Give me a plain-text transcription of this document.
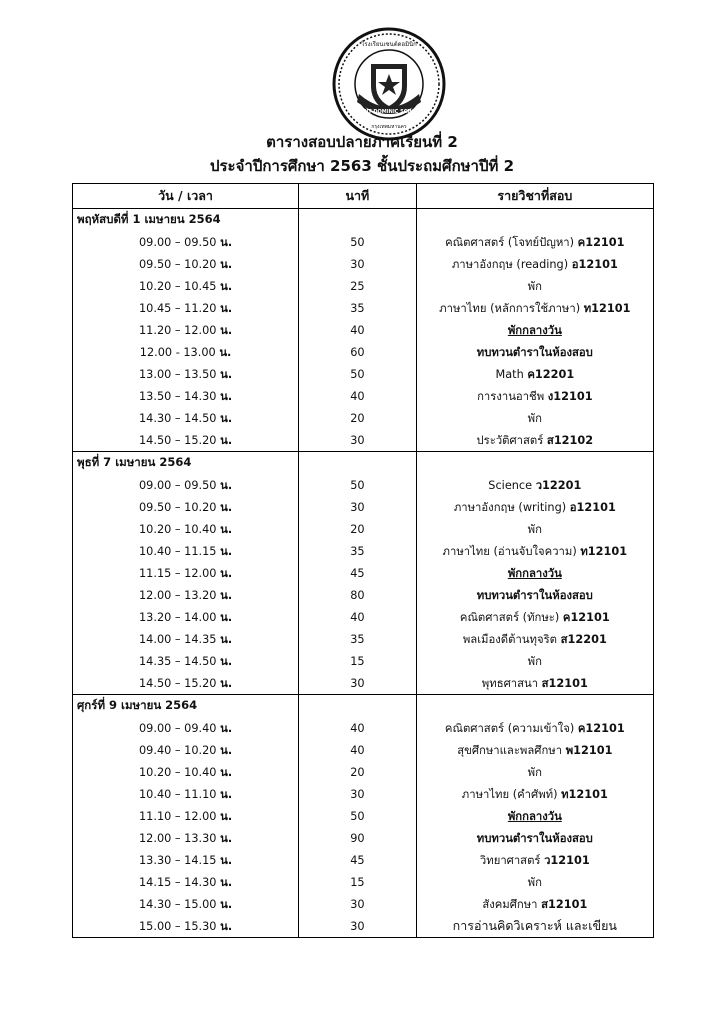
SAINT DOMINIC SCHOOL
โรงเรียนเซนต์ดอมินิก
กรุงเทพมหานคร
ตารางสอบปลายภาคเรียนที่ 2
ประจำปีการศึกษา 2563 ชั้นประถมศึกษาปีที่ 2
วัน / เวลา	นาที	รายวิชาที่สอบ
พฤหัสบดีที่ 1 เมษายน 2564		
09.00 – 09.50 น.	50	คณิตศาสตร์ (โจทย์ปัญหา) ค12101
09.50 – 10.20 น.	30	ภาษาอังกฤษ (reading) อ12101
10.20 – 10.45 น.	25	พัก
10.45 – 11.20 น.	35	ภาษาไทย (หลักการใช้ภาษา) ท12101
11.20 – 12.00 น.	40	พักกลางวัน
12.00 - 13.00 น.	60	ทบทวนตำราในห้องสอบ
13.00 – 13.50 น.	50	Math ค12201
13.50 – 14.30 น.	40	การงานอาชีพ ง12101
14.30 – 14.50 น.	20	พัก
14.50 – 15.20 น.	30	ประวัติศาสตร์ ส12102
พุธที่ 7 เมษายน 2564		
09.00 – 09.50 น.	50	Science ว12201
09.50 – 10.20 น.	30	ภาษาอังกฤษ (writing) อ12101
10.20 – 10.40 น.	20	พัก
10.40 – 11.15 น.	35	ภาษาไทย (อ่านจับใจความ) ท12101
11.15 – 12.00 น.	45	พักกลางวัน
12.00 – 13.20 น.	80	ทบทวนตำราในห้องสอบ
13.20 – 14.00 น.	40	คณิตศาสตร์ (ทักษะ) ค12101
14.00 – 14.35 น.	35	พลเมืองดีต้านทุจริต ส12201
14.35 – 14.50 น.	15	พัก
14.50 – 15.20 น.	30	พุทธศาสนา ส12101
ศุกร์ที่ 9 เมษายน 2564		
09.00 – 09.40 น.	40	คณิตศาสตร์ (ความเข้าใจ) ค12101
09.40 – 10.20 น.	40	สุขศึกษาและพลศึกษา พ12101
10.20 – 10.40 น.	20	พัก
10.40 – 11.10 น.	30	ภาษาไทย (คำศัพท์) ท12101
11.10 – 12.00 น.	50	พักกลางวัน
12.00 – 13.30 น.	90	ทบทวนตำราในห้องสอบ
13.30 – 14.15 น.	45	วิทยาศาสตร์ ว12101
14.15 – 14.30 น.	15	พัก
14.30 – 15.00 น.	30	สังคมศึกษา ส12101
15.00 – 15.30 น.	30	การอ่านคิดวิเคราะห์ และเขียน
